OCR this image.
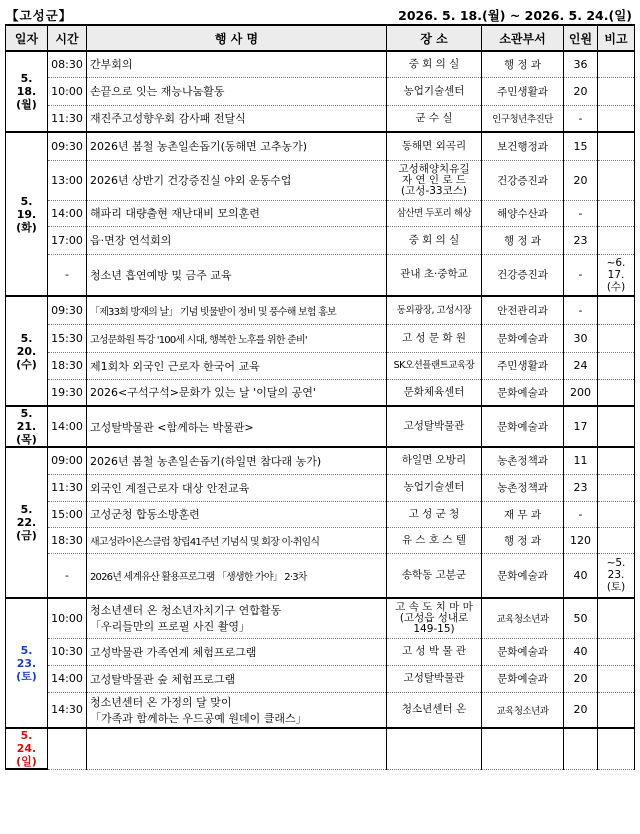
【고성군】	2026. 5. 18.(월) ~ 2026. 5. 24.(일)
일자	시간	행 사 명	장 소	소관부서	인원	비고
5. 18.
(월)	08:30	간부회의	중 회 의 실	행 정 과	36	
	10:00	손끝으로 잇는 재능나눔활동	농업기술센터	주민생활과	20	
	11:30	재진주고성향우회 감사패 전달식	군 수 실	인구청년추진단	-	
5. 19.
(화)	09:30	2026년 봄철 농촌일손돕기(동해면 고추농가)	동해면 외곡리	보건행정과	15	
	13:00	2026년 상반기 건강증진실 야외 운동수업	고성해양치유길
자 연 인 로 드
(고성-33코스)	건강증진과	20	
	14:00	해파리 대량출현 재난대비 모의훈련	삼산면 두포리 해상	해양수산과	-	
	17:00	읍·면장 연석회의	중 회 의 실	행 정 과	23	
	-	청소년 흡연예방 및 금주 교육	관내 초·중학교	건강증진과	-	~6.
17.
(수)
5. 20.
(수)	09:30	「제33회 방재의 날」 기념 빗물받이 정비 및 풍수해 보험 홍보	동외광장, 고성시장	안전관리과	-	
	15:30	고성문화원 특강 '100세 시대, 행복한 노후를 위한 준비'	고 성 문 화 원	문화예술과	30	
	18:30	제1회차 외국인 근로자 한국어 교육	SK오션플랜트교육장	주민생활과	24	
	19:30	2026<구석구석>문화가 있는 날 '이달의 공연'	문화체육센터	문화예술과	200	
5. 21.
(목)	14:00	고성탈박물관 <함께하는 박물관>	고성탈박물관	문화예술과	17	
5. 22.
(금)	09:00	2026년 봄철 농촌일손돕기(하일면 참다래 농가)	하일면 오방리	농촌정책과	11	
	11:30	외국인 계절근로자 대상 안전교육	농업기술센터	농촌정책과	23	
	15:00	고성군청 합동소방훈련	고 성 군 청	재 무 과	-	
	18:30	새고성라이온스클럽 창립41주년 기념식 및 회장 이·취임식	유 스 호 스 텔	행 정 과	120	
	-	2026년 세계유산 활용프로그램 「생생한 가야」 2·3차	송학동 고분군	문화예술과	40	~5.
23.
(토)
5. 23.
(토)	10:00	청소년센터 온 청소년자치기구 연합활동
「우리들만의 프로필 사진 촬영」	고 속 도 치 마 마
(고성읍 성내로 149-15)	교육청소년과	50	
	10:30	고성박물관 가족연계 체험프로그램	고 성 박 물 관	문화예술과	40	
	14:00	고성탈박물관 숲 체험프로그램	고성탈박물관	문화예술과	20	
	14:30	청소년센터 온 가정의 달 맞이
「가족과 함께하는 우드공예 원데이 클래스」	청소년센터 온	교육청소년과	20	
5. 24.
(일)						
